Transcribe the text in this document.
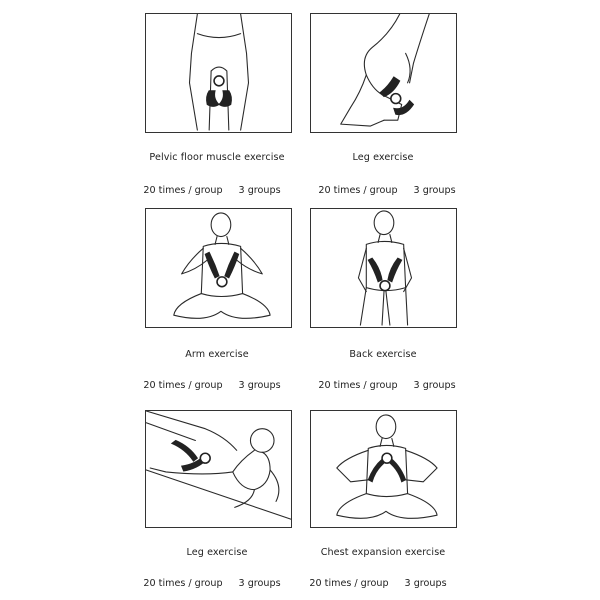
Pelvic floor muscle exercise
20 times / group 3 groups
Leg exercise
20 times / group 3 groups
Arm exercise
20 times / group 3 groups
Back exercise
20 times / group 3 groups
Leg exercise
20 times / group 3 groups
Chest expansion exercise
20 times / group 3 groups
